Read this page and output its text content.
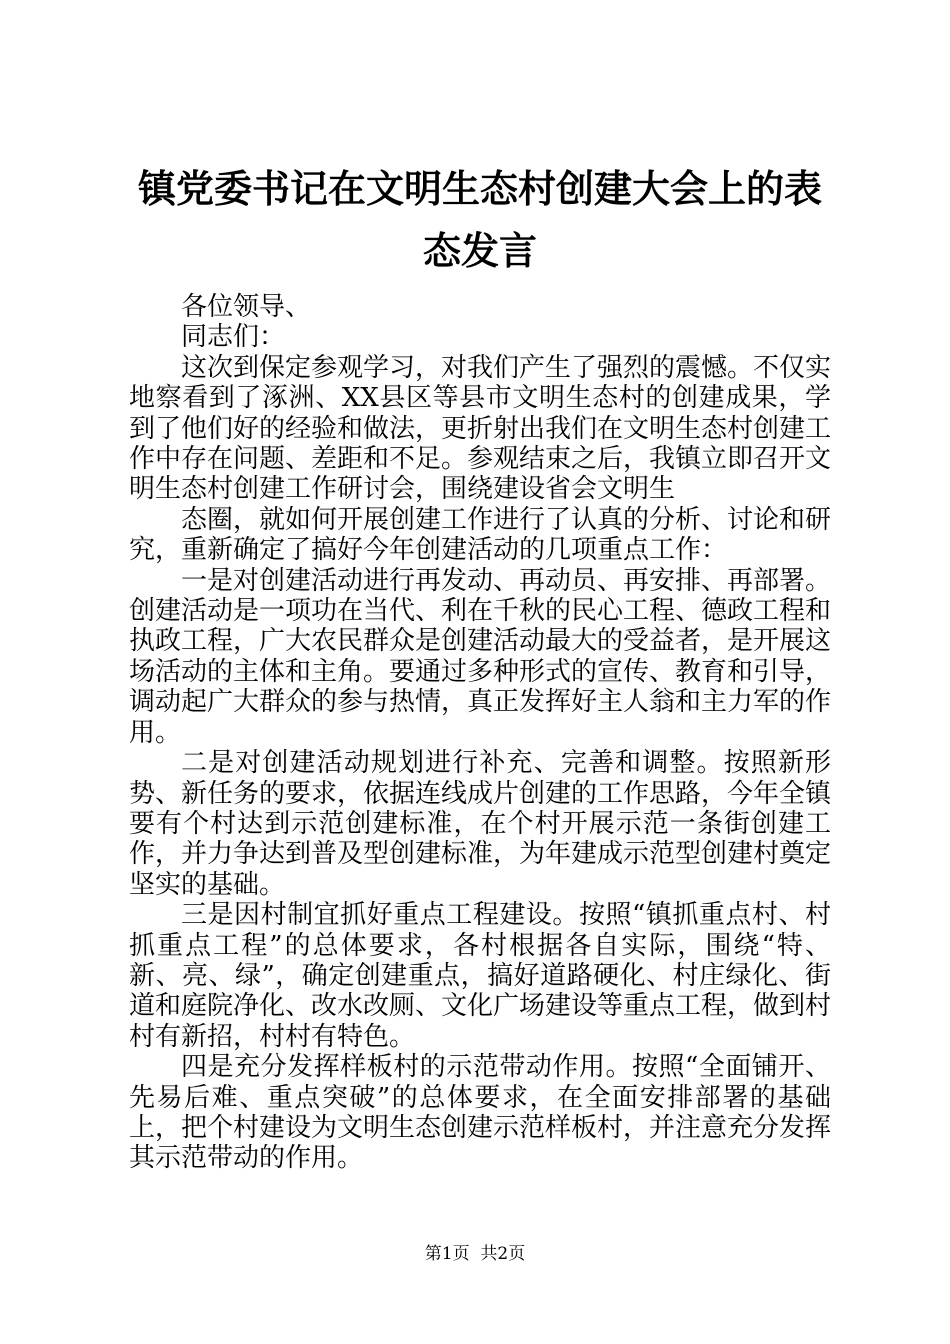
镇党委书记在文明生态村创建大会上的表态发言

各位领导、

同志们：

这次到保定参观学习，对我们产生了强烈的震憾。不仅实地察看到了涿洲、XX县区等县市文明生态村的创建成果，学到了他们好的经验和做法，更折射出我们在文明生态村创建工作中存在问题、差距和不足。参观结束之后，我镇立即召开文明生态村创建工作研讨会，围绕建设省会文明生

态圈，就如何开展创建工作进行了认真的分析、讨论和研究，重新确定了搞好今年创建活动的几项重点工作：

一是对创建活动进行再发动、再动员、再安排、再部署。创建活动是一项功在当代、利在千秋的民心工程、德政工程和执政工程，广大农民群众是创建活动最大的受益者，是开展这场活动的主体和主角。要通过多种形式的宣传、教育和引导，调动起广大群众的参与热情，真正发挥好主人翁和主力军的作用。

二是对创建活动规划进行补充、完善和调整。按照新形势、新任务的要求，依据连线成片创建的工作思路，今年全镇要有个村达到示范创建标准，在个村开展示范一条街创建工作，并力争达到普及型创建标准，为年建成示范型创建村奠定坚实的基础。

三是因村制宜抓好重点工程建设。按照“镇抓重点村、村抓重点工程”的总体要求，各村根据各自实际，围绕“特、新、亮、绿”，确定创建重点，搞好道路硬化、村庄绿化、街道和庭院净化、改水改厕、文化广场建设等重点工程，做到村村有新招，村村有特色。

四是充分发挥样板村的示范带动作用。按照“全面铺开、先易后难、重点突破”的总体要求，在全面安排部署的基础上，把个村建设为文明生态创建示范样板村，并注意充分发挥其示范带动的作用。

第1页  共2页
